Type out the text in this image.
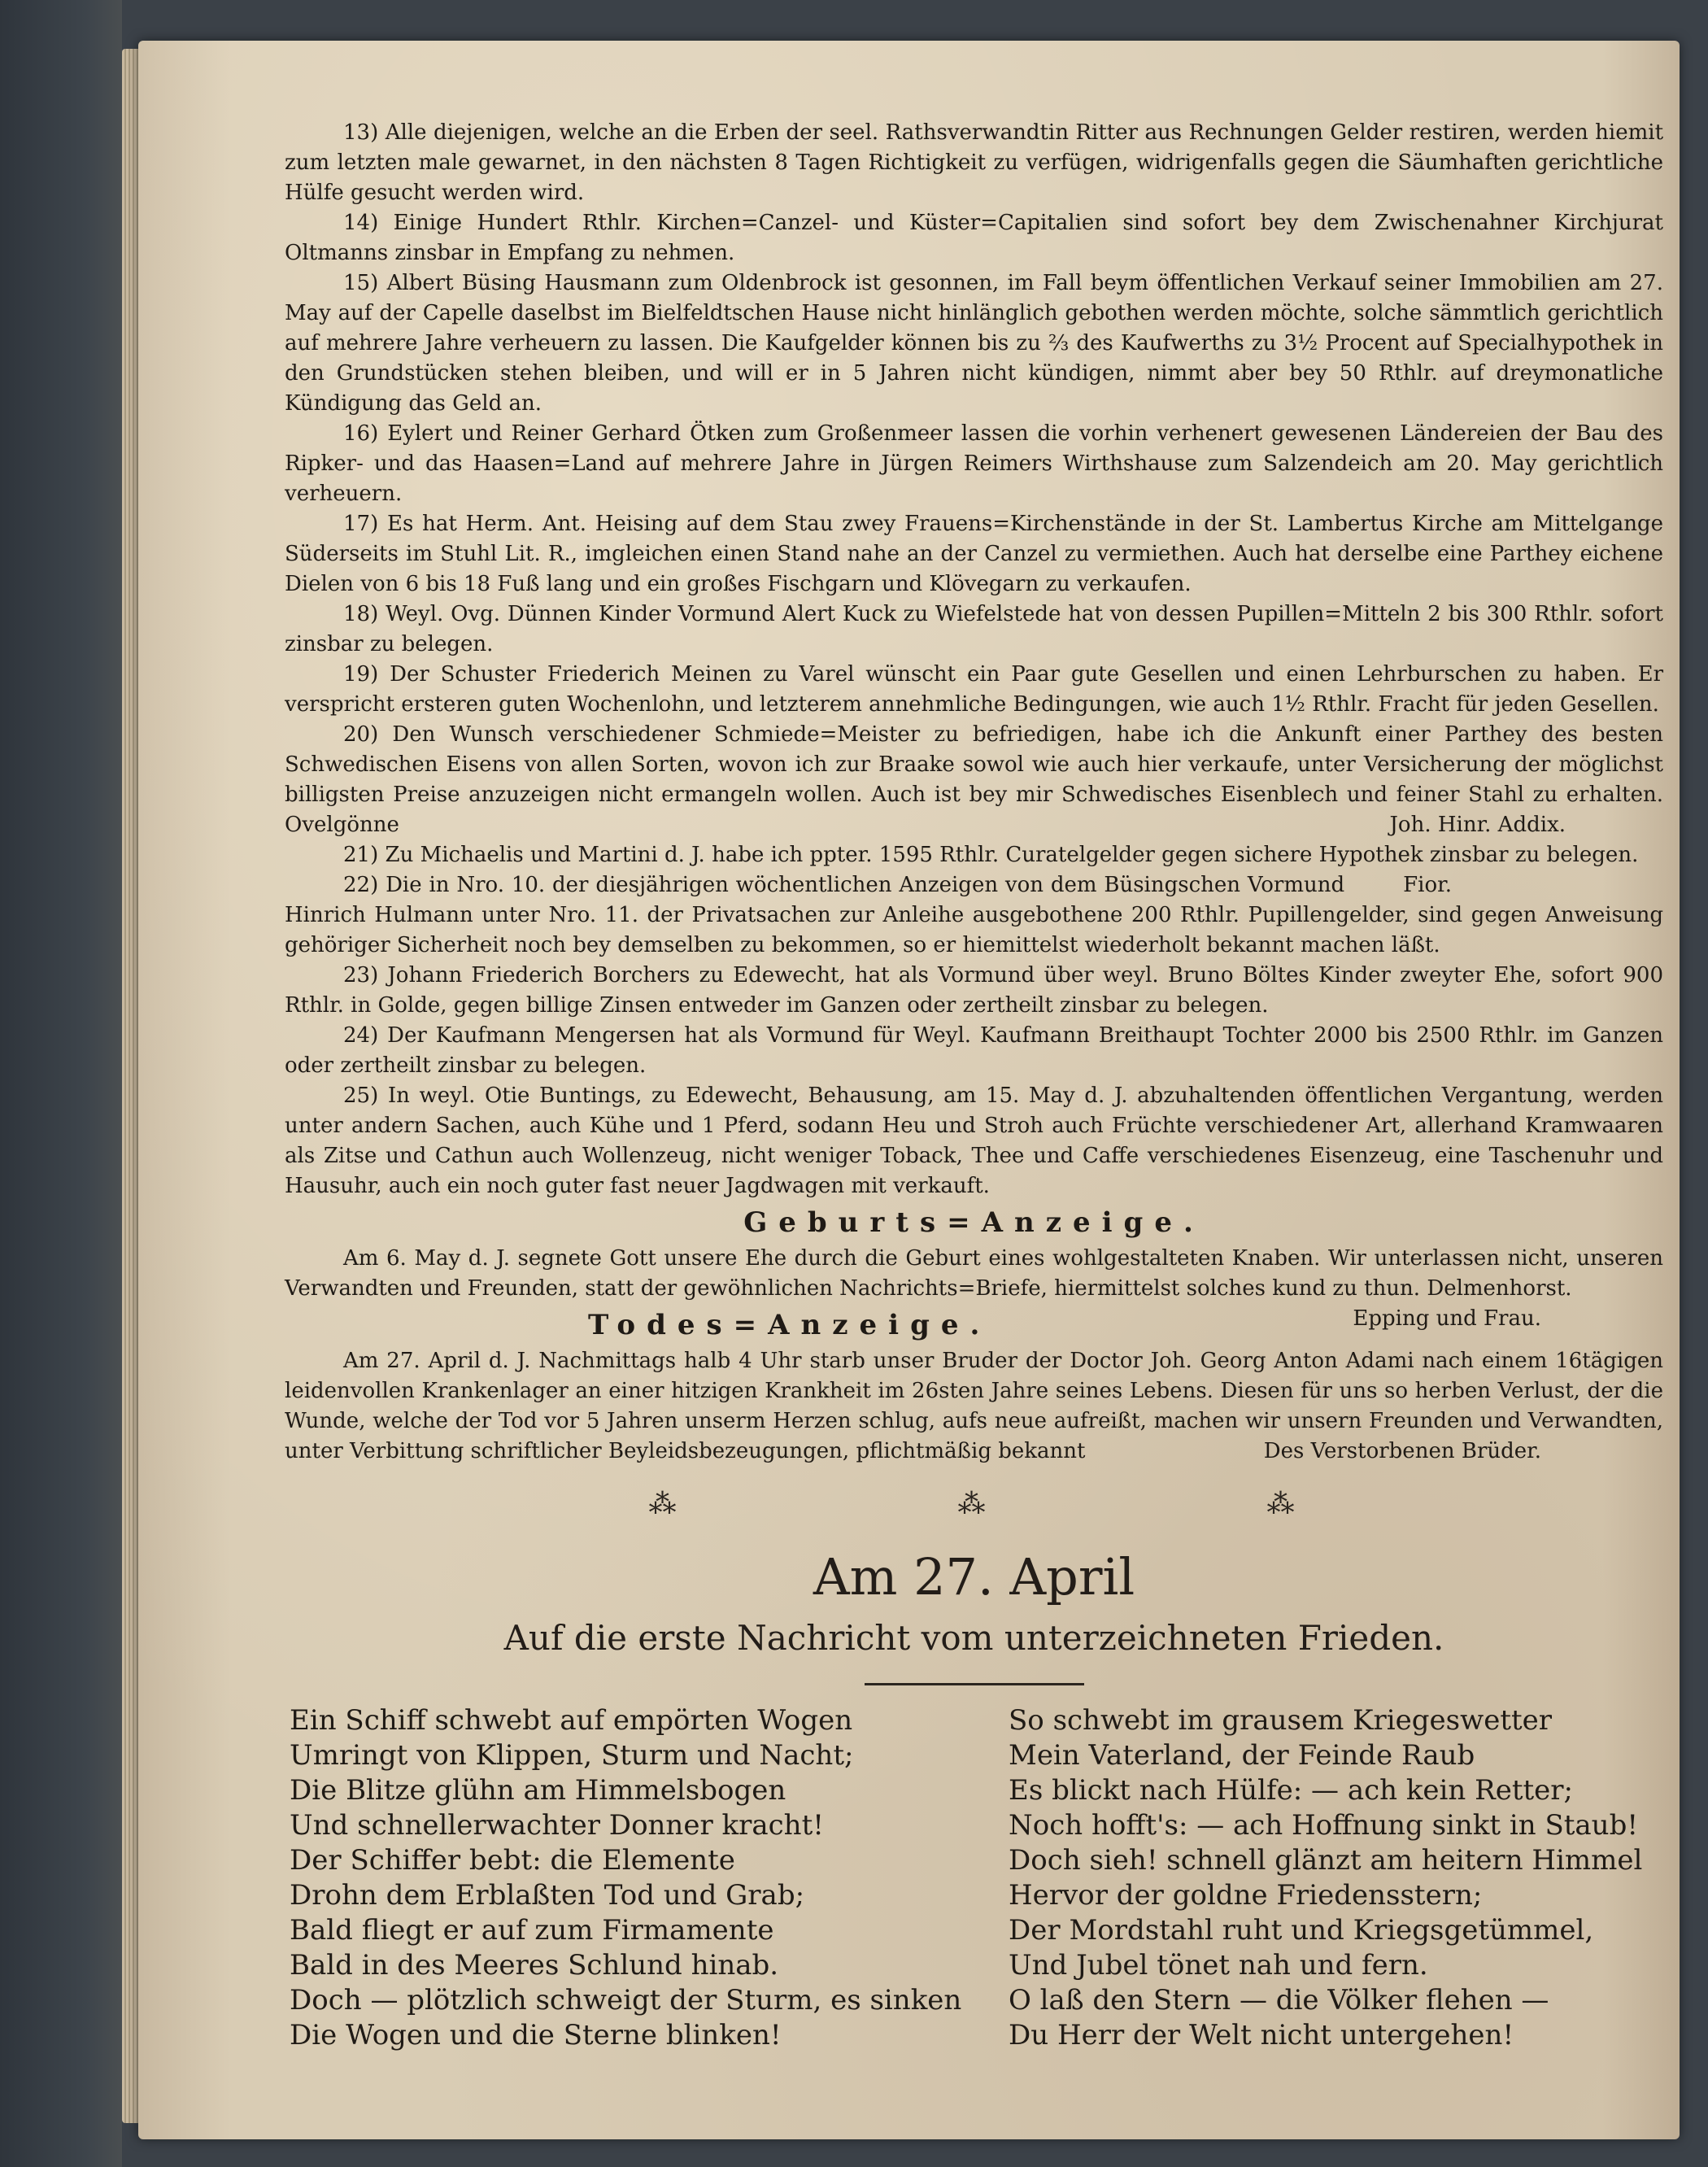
13) Alle diejenigen, welche an die Erben der seel. Rathsverwandtin Ritter aus Rechnungen Gelder restiren, werden hiemit zum letzten male gewarnet, in den nächsten 8 Tagen Richtigkeit zu verfügen, widrigenfalls gegen die Säumhaften gerichtliche Hülfe gesucht werden wird.

14) Einige Hundert Rthlr. Kirchen=Canzel- und Küster=Capitalien sind sofort bey dem Zwischenahner Kirchjurat Oltmanns zinsbar in Empfang zu nehmen.

15) Albert Büsing Hausmann zum Oldenbrock ist gesonnen, im Fall beym öffentlichen Verkauf seiner Immobilien am 27. May auf der Capelle daselbst im Bielfeldtschen Hause nicht hinlänglich gebothen werden möchte, solche sämmtlich gerichtlich auf mehrere Jahre verheuern zu lassen. Die Kaufgelder können bis zu ⅔ des Kaufwerths zu 3½ Procent auf Specialhypothek in den Grundstücken stehen bleiben, und will er in 5 Jahren nicht kündigen, nimmt aber bey 50 Rthlr. auf dreymonatliche Kündigung das Geld an.

16) Eylert und Reiner Gerhard Ötken zum Großenmeer lassen die vorhin verhenert gewesenen Ländereien der Bau des Ripker- und das Haasen=Land auf mehrere Jahre in Jürgen Reimers Wirthshause zum Salzendeich am 20. May gerichtlich verheuern.

17) Es hat Herm. Ant. Heising auf dem Stau zwey Frauens=Kirchenstände in der St. Lambertus Kirche am Mittelgange Süderseits im Stuhl Lit. R., imgleichen einen Stand nahe an der Canzel zu vermiethen. Auch hat derselbe eine Parthey eichene Dielen von 6 bis 18 Fuß lang und ein großes Fischgarn und Klövegarn zu verkaufen.

18) Weyl. Ovg. Dünnen Kinder Vormund Alert Kuck zu Wiefelstede hat von dessen Pupillen=Mitteln 2 bis 300 Rthlr. sofort zinsbar zu belegen.

19) Der Schuster Friederich Meinen zu Varel wünscht ein Paar gute Gesellen und einen Lehrburschen zu haben. Er verspricht ersteren guten Wochenlohn, und letzterem annehmliche Bedingungen, wie auch 1½ Rthlr. Fracht für jeden Gesellen.

20) Den Wunsch verschiedener Schmiede=Meister zu befriedigen, habe ich die Ankunft einer Parthey des besten Schwedischen Eisens von allen Sorten, wovon ich zur Braake sowol wie auch hier verkaufe, unter Versicherung der möglichst billigsten Preise anzuzeigen nicht ermangeln wollen. Auch ist bey mir Schwedisches Eisenblech und feiner Stahl zu erhalten. Ovelgönne	Joh. Hinr. Addix.

21) Zu Michaelis und Martini d. J. habe ich ppter. 1595 Rthlr. Curatelgelder gegen sichere Hypothek zinsbar zu belegen.
Fior.

22) Die in Nro. 10. der diesjährigen wöchentlichen Anzeigen von dem Büsingschen Vormund Hinrich Hulmann unter Nro. 11. der Privatsachen zur Anleihe ausgebothene 200 Rthlr. Pupillengelder, sind gegen Anweisung gehöriger Sicherheit noch bey demselben zu bekommen, so er hiemittelst wiederholt bekannt machen läßt.

23) Johann Friederich Borchers zu Edewecht, hat als Vormund über weyl. Bruno Böltes Kinder zweyter Ehe, sofort 900 Rthlr. in Golde, gegen billige Zinsen entweder im Ganzen oder zertheilt zinsbar zu belegen.

24) Der Kaufmann Mengersen hat als Vormund für Weyl. Kaufmann Breithaupt Tochter 2000 bis 2500 Rthlr. im Ganzen oder zertheilt zinsbar zu belegen.

25) In weyl. Otie Buntings, zu Edewecht, Behausung, am 15. May d. J. abzuhaltenden öffentlichen Vergantung, werden unter andern Sachen, auch Kühe und 1 Pferd, sodann Heu und Stroh auch Früchte verschiedener Art, allerhand Kramwaaren als Zitse und Cathun auch Wollenzeug, nicht weniger Toback, Thee und Caffe verschiedenes Eisenzeug, eine Taschenuhr und Hausuhr, auch ein noch guter fast neuer Jagdwagen mit verkauft.

Geburts=Anzeige.

Am 6. May d. J. segnete Gott unsere Ehe durch die Geburt eines wohlgestalteten Knaben. Wir unterlassen nicht, unseren Verwandten und Freunden, statt der gewöhnlichen Nachrichts=Briefe, hiermittelst solches kund zu thun. Delmenhorst.
Epping und Frau.

Todes=Anzeige.

Am 27. April d. J. Nachmittags halb 4 Uhr starb unser Bruder der Doctor Joh. Georg Anton Adami nach einem 16tägigen leidenvollen Krankenlager an einer hitzigen Krankheit im 26sten Jahre seines Lebens. Diesen für uns so herben Verlust, der die Wunde, welche der Tod vor 5 Jahren unserm Herzen schlug, aufs neue aufreißt, machen wir unsern Freunden und Verwandten, unter Verbittung schriftlicher Beyleidsbezeugungen, pflichtmäßig bekannt	Des Verstorbenen Brüder.

⁂	⁂	⁂
Am 27. April
Auf die erste Nachricht vom unterzeichneten Frieden.

Ein Schiff schwebt auf empörten Wogen

Umringt von Klippen, Sturm und Nacht;

Die Blitze glühn am Himmelsbogen

Und schnellerwachter Donner kracht!

Der Schiffer bebt: die Elemente

Drohn dem Erblaßten Tod und Grab;

Bald fliegt er auf zum Firmamente

Bald in des Meeres Schlund hinab.

Doch — plötzlich schweigt der Sturm, es sinken

Die Wogen und die Sterne blinken!

So schwebt im grausem Kriegeswetter

Mein Vaterland, der Feinde Raub

Es blickt nach Hülfe: — ach kein Retter;

Noch hofft's: — ach Hoffnung sinkt in Staub!

Doch sieh! schnell glänzt am heitern Himmel

Hervor der goldne Friedensstern;

Der Mordstahl ruht und Kriegsgetümmel,

Und Jubel tönet nah und fern.

O laß den Stern — die Völker flehen —

Du Herr der Welt nicht untergehen!
